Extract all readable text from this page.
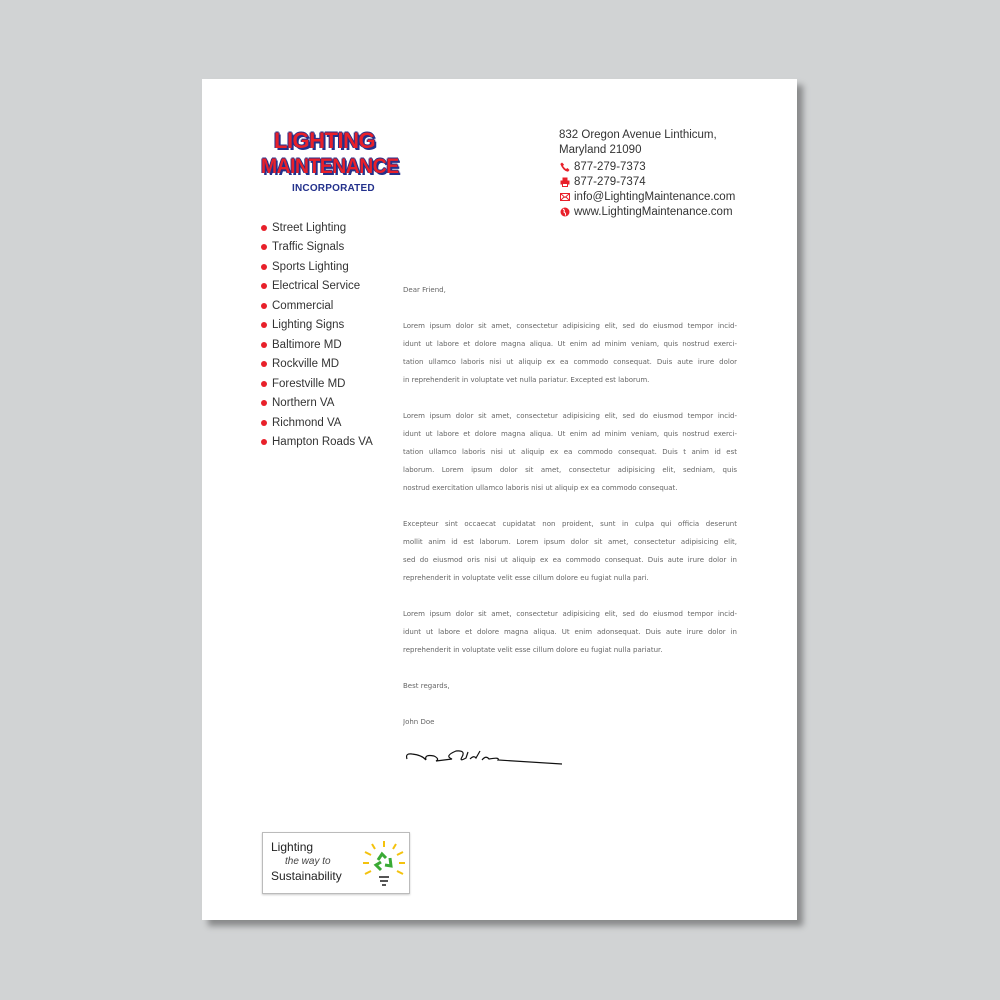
LIGHTING
MAINTENANCE
INCORPORATED
Street Lighting
Traffic Signals
Sports Lighting
Electrical Service
Commercial
Lighting Signs
Baltimore MD
Rockville MD
Forestville MD
Northern VA
Richmond VA
Hampton Roads VA
832 Oregon Avenue Linthicum,
Maryland 21090
877-279-7373
877-279-7374
info@LightingMaintenance.com
www.LightingMaintenance.com
Dear Friend,
Lorem ipsum dolor sit amet, consectetur adipisicing elit, sed do eiusmod tempor incid-
idunt ut labore et dolore magna aliqua. Ut enim ad minim veniam, quis nostrud exerci-
tation ullamco laboris nisi ut aliquip ex ea commodo consequat. Duis aute irure dolor
in reprehenderit in voluptate vet nulla pariatur. Excepted est laborum.
Lorem ipsum dolor sit amet, consectetur adipisicing elit, sed do eiusmod tempor incid-
idunt ut labore et dolore magna aliqua. Ut enim ad minim veniam, quis nostrud exerci-
tation ullamco laboris nisi ut aliquip ex ea commodo consequat. Duis t anim id est
laborum. Lorem ipsum dolor sit amet, consectetur adipisicing elit, sedniam, quis
nostrud exercitation ullamco laboris nisi ut aliquip ex ea commodo consequat.
Excepteur sint occaecat cupidatat non proident, sunt in culpa qui officia deserunt
mollit anim id est laborum. Lorem ipsum dolor sit amet, consectetur adipisicing elit,
sed do eiusmod oris nisi ut aliquip ex ea commodo consequat. Duis aute irure dolor in
reprehenderit in voluptate velit esse cillum dolore eu fugiat nulla pari.
Lorem ipsum dolor sit amet, consectetur adipisicing elit, sed do eiusmod tempor incid-
idunt ut labore et dolore magna aliqua. Ut enim adonsequat. Duis aute irure dolor in
reprehenderit in voluptate velit esse cillum dolore eu fugiat nulla pariatur.
Best regards,
John Doe
Lighting
the way to
Sustainability
